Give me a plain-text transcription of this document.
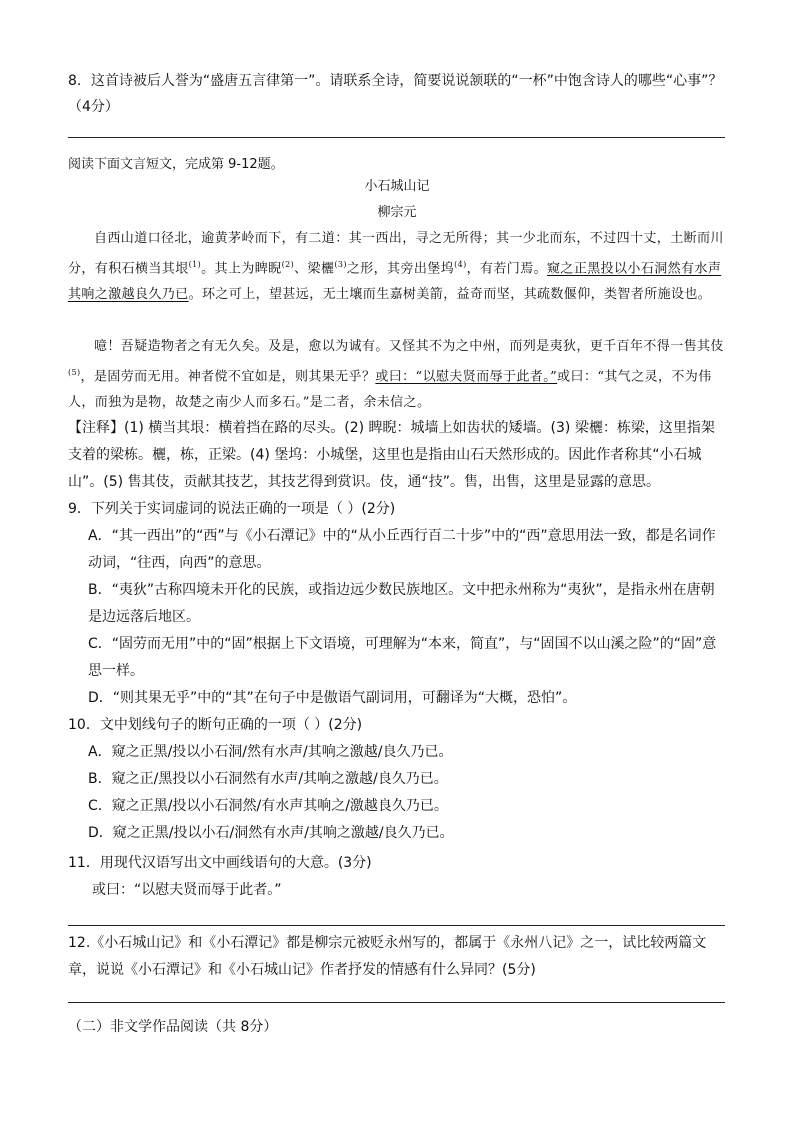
8．这首诗被后人誉为“盛唐五言律第一”。请联系全诗，简要说说颔联的“一杯”中饱含诗人的哪些“心事”？
（4分）
阅读下面文言短文，完成第 9-12题。
小石城山记
柳宗元
自西山道口径北，逾黄茅岭而下，有二道：其一西出，寻之无所得；其一少北而东，不过四十丈，土断而川分，有积石横当其垠$^{(1)}$。其上为睥睨$^{(2)}$、梁欐$^{(3)}$之形，其旁出堡坞$^{(4)}$，有若门焉。窥之正黑投以小石洞然有水声其响之激越良久乃已。环之可上，望甚远，无土壤而生嘉树美箭，益奇而坚，其疏数偃仰，类智者所施设也。
噫！吾疑造物者之有无久矣。及是，愈以为诚有。又怪其不为之中州，而列是夷狄，更千百年不得一售其伎$^{(5)}$，是固劳而无用。神者傥不宜如是，则其果无乎？或曰：“以慰夫贤而辱于此者。”或曰：“其气之灵，不为伟人，而独为是物，故楚之南少人而多石。”是二者，余未信之。
【注释】(1) 横当其垠：横着挡在路的尽头。(2) 睥睨：城墙上如齿状的矮墙。(3) 梁欐：栋梁，这里指架支着的梁栋。欐，栋，正梁。(4) 堡坞：小城堡，这里也是指由山石天然形成的。因此作者称其“小石城山”。(5) 售其伎，贡献其技艺，其技艺得到赏识。伎，通“技”。售，出售，这里是显露的意思。
9．下列关于实词虚词的说法正确的一项是（ ）(2分)
A．“其一西出”的“西”与《小石潭记》中的“从小丘西行百二十步”中的“西”意思用法一致，都是名词作动词，“往西，向西”的意思。
B．“夷狄”古称四境未开化的民族，或指边远少数民族地区。文中把永州称为“夷狄”，是指永州在唐朝是边远落后地区。
C．“固劳而无用”中的“固”根据上下文语境，可理解为“本来，简直”，与“固国不以山溪之险”的“固”意思一样。
D．“则其果无乎”中的“其”在句子中是傲语气副词用，可翻译为“大概，恐怕”。
10．文中划线句子的断句正确的一项（ ）(2分)
A．窥之正黑/投以小石洞/然有水声/其响之激越/良久乃已。
B．窥之正/黑投以小石洞然有水声/其响之激越/良久乃已。
C．窥之正黑/投以小石洞然/有水声其响之/激越良久乃已。
D．窥之正黑/投以小石/洞然有水声/其响之激越/良久乃已。
11．用现代汉语写出文中画线语句的大意。(3分)
或曰：“以慰夫贤而辱于此者。”
12.《小石城山记》和《小石潭记》都是柳宗元被贬永州写的，都属于《永州八记》之一，试比较两篇文章，说说《小石潭记》和《小石城山记》作者抒发的情感有什么异同？(5分)
（二）非文学作品阅读（共 8分）
